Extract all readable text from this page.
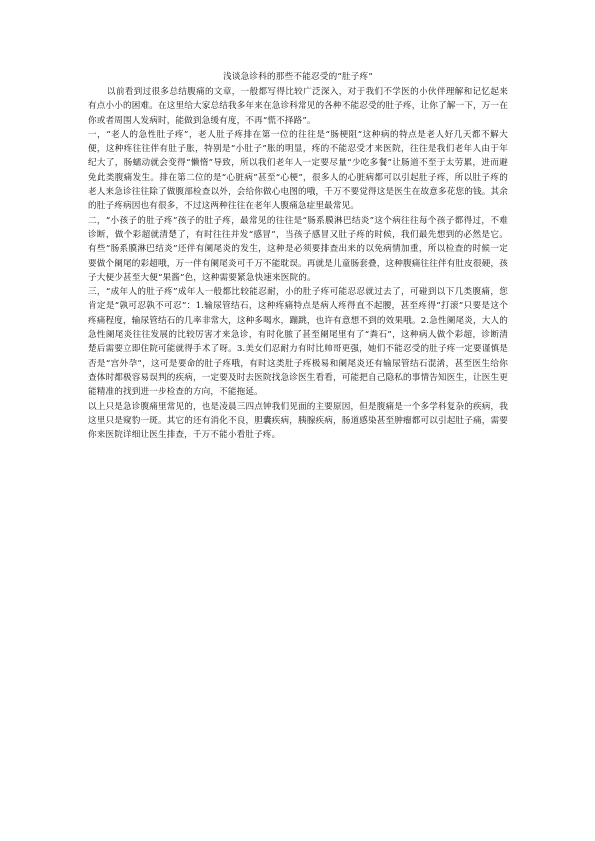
浅谈急诊科的那些不能忍受的“肚子疼”

以前看到过很多总结腹痛的文章，一般都写得比较广泛深入，对于我们不学医的小伙伴理解和记忆起来有点小小的困难。在这里给大家总结我多年来在急诊科常见的各种不能忍受的肚子疼，让你了解一下，万一在你或者周围人发病时，能做到急缓有度，不再“慌不择路”。

一，“老人的急性肚子疼”，老人肚子疼排在第一位的往往是“肠梗阻”这种病的特点是老人好几天都不解大便，这种疼往往伴有肚子胀，特别是“小肚子”胀的明显，疼的不能忍受才来医院，往往是我们老年人由于年纪大了，肠蠕动就会变得“懒惰”导致，所以我们老年人一定要尽量“少吃多餐”让肠道不至于太劳累，进而避免此类腹痛发生。排在第二位的是“心脏病”甚至“心梗”，很多人的心脏病都可以引起肚子疼，所以肚子疼的老人来急诊往往除了做腹部检查以外，会给你做心电图的哦，千万不要觉得这是医生在故意多花您的钱。其余的肚子疼病因也有很多，不过这两种往往在老年人腹痛急症里最常见。

二，“小孩子的肚子疼”孩子的肚子疼，最常见的往往是“肠系膜淋巴结炎”这个病往往每个孩子都得过，不难诊断，做个彩超就清楚了，有时往往并发“感冒”，当孩子感冒又肚子疼的时候，我们最先想到的必然是它。有些“肠系膜淋巴结炎”还伴有阑尾炎的发生，这种是必须要排查出来的以免病情加重，所以检查的时候一定要做个阑尾的彩超哦，万一伴有阑尾炎可千万不能耽误。再就是儿童肠套叠，这种腹痛往往伴有肚皮很硬，孩子大便少甚至大便“果酱”色，这种需要紧急快速来医院的。

三，“成年人的肚子疼”成年人一般都比较能忍耐，小的肚子疼可能忍忍就过去了，可碰到以下几类腹痛，您肯定是“孰可忍孰不可忍”：1.输尿管结石，这种疼痛特点是病人疼得直不起腰，甚至疼得“打滚”只要是这个疼痛程度，输尿管结石的几率非常大，这种多喝水，蹦跳，也许有意想不到的效果哦。2.急性阑尾炎，大人的急性阑尾炎往往发展的比较厉害才来急诊，有时化脓了甚至阑尾里有了“粪石”，这种病人做个彩超，诊断清楚后需要立即住院可能就得手术了呀。3.美女们忍耐力有时比帅哥更强，她们不能忍受的肚子疼一定要谨慎是否是“宫外孕”，这可是要命的肚子疼哦，有时这类肚子疼极易和阑尾炎还有输尿管结石混淆，甚至医生给你查体时都极容易误判的疾病，一定要及时去医院找急诊医生看看，可能把自己隐私的事情告知医生，让医生更能精准的找到进一步检查的方向，不能拖延。

以上只是急诊腹痛里常见的，也是凌晨三四点钟我们见面的主要原因，但是腹痛是一个多学科复杂的疾病，我这里只是窥豹一斑。其它的还有消化不良，胆囊疾病，胰腺疾病，肠道感染甚至肿瘤都可以引起肚子痛，需要你来医院详细让医生排查，千万不能小看肚子疼。
